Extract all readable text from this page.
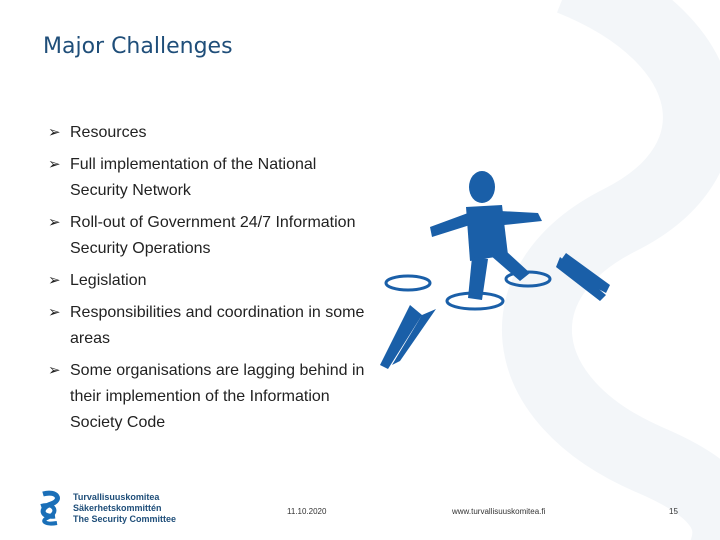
Major Challenges
➢ Resources
➢ Full implementation of the National Security Network
➢ Roll-out of Government 24/7 Information Security Operations
➢ Legislation
➢ Responsibilities and coordination in some areas
➢ Some organisations are lagging behind in their implemention of the Information Society Code
Turvallisuuskomitea
Säkerhetskommittén
The Security Committee
11.10.2020	www.turvallisuuskomitea.fi	15
